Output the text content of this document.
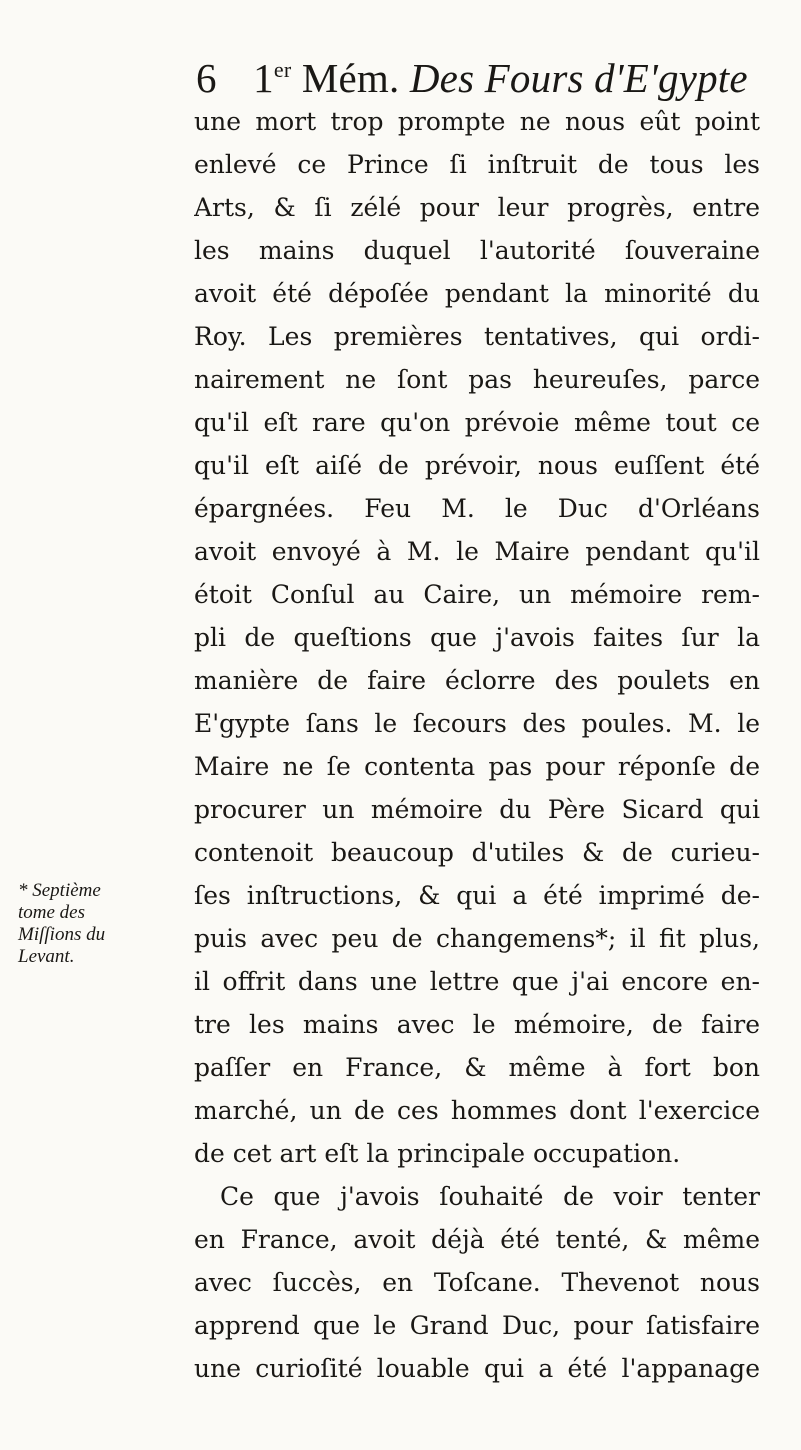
6 1er Mém. Des Fours d'E'gypte
une mort trop prompte ne nous eût point
enlevé ce Prince ſi inſtruit de tous les
Arts, & ſi zélé pour leur progrès, entre
les mains duquel l'autorité ſouveraine
avoit été dépoſée pendant la minorité du
Roy. Les premières tentatives, qui ordi-
nairement ne ſont pas heureuſes, parce
qu'il eſt rare qu'on prévoie même tout ce
qu'il eſt aiſé de prévoir, nous euſſent été
épargnées. Feu M. le Duc d'Orléans
avoit envoyé à M. le Maire pendant qu'il
étoit Conſul au Caire, un mémoire rem-
pli de queſtions que j'avois faites ſur la
manière de faire éclorre des poulets en
E'gypte ſans le ſecours des poules. M. le
Maire ne ſe contenta pas pour réponſe de
procurer un mémoire du Père Sicard qui
contenoit beaucoup d'utiles & de curieu-
ſes inſtructions, & qui a été imprimé de-
puis avec peu de changemens*; il fit plus,
il offrit dans une lettre que j'ai encore en-
tre les mains avec le mémoire, de faire
paſſer en France, & même à fort bon
marché, un de ces hommes dont l'exercice
de cet art eſt la principale occupation.
Ce que j'avois ſouhaité de voir tenter
en France, avoit déjà été tenté, & même
avec ſuccès, en Toſcane. Thevenot nous
apprend que le Grand Duc, pour ſatisfaire
une curioſité louable qui a été l'appanage
* Septième
tome des
Miſſions du
Levant.
